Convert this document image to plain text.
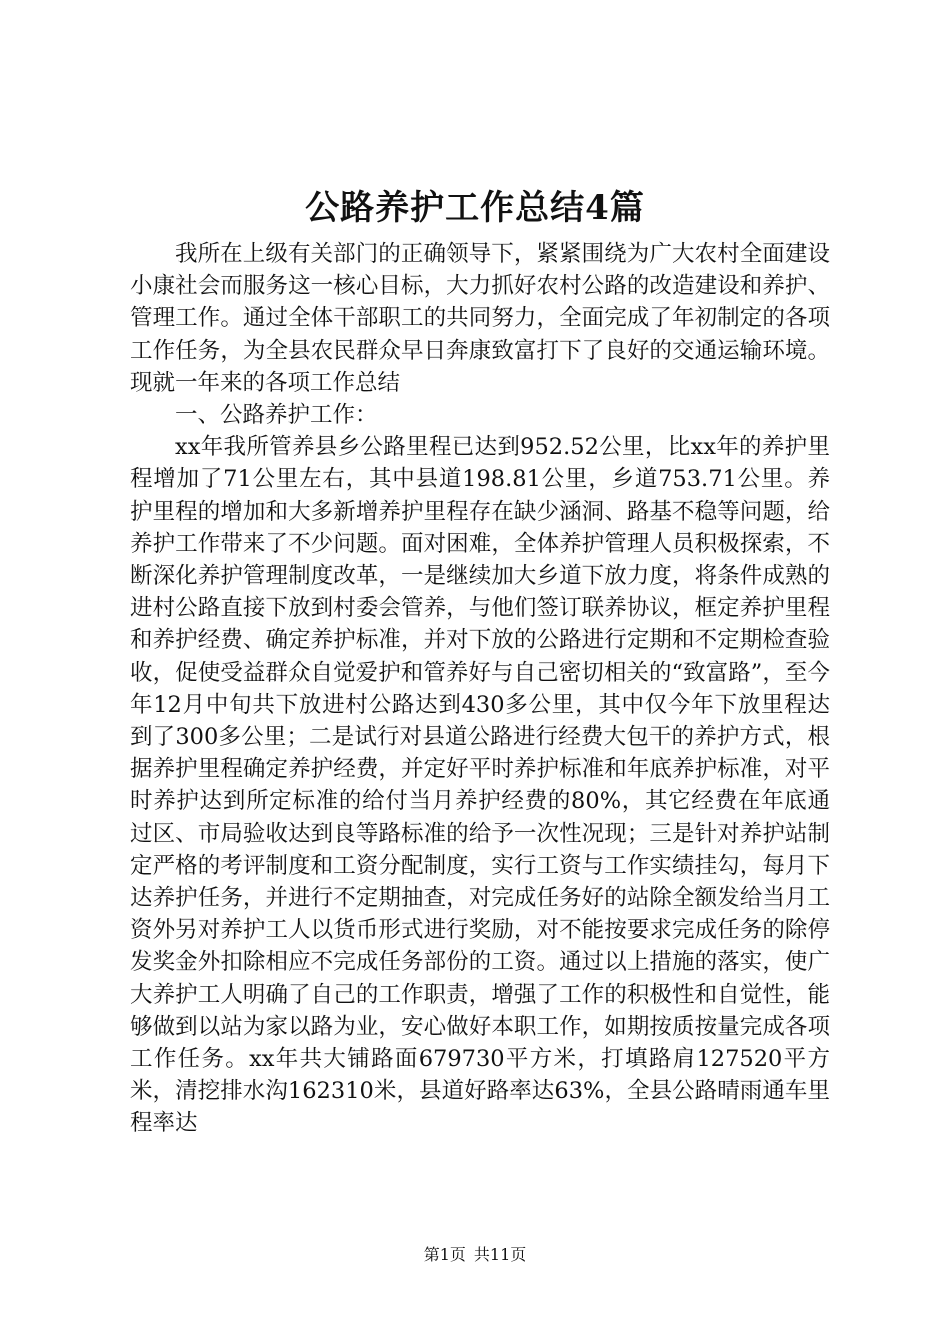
公路养护工作总结4篇

我所在上级有关部门的正确领导下，紧紧围绕为广大农村全面建设小康社会而服务这一核心目标，大力抓好农村公路的改造建设和养护、管理工作。通过全体干部职工的共同努力，全面完成了年初制定的各项工作任务，为全县农民群众早日奔康致富打下了良好的交通运输环境。现就一年来的各项工作总结

一、公路养护工作：

xx年我所管养县乡公路里程已达到952.52公里，比xx年的养护里程增加了71公里左右，其中县道198.81公里，乡道753.71公里。养护里程的增加和大多新增养护里程存在缺少涵洞、路基不稳等问题，给养护工作带来了不少问题。面对困难，全体养护管理人员积极探索，不断深化养护管理制度改革，一是继续加大乡道下放力度，将条件成熟的进村公路直接下放到村委会管养，与他们签订联养协议，框定养护里程和养护经费、确定养护标准，并对下放的公路进行定期和不定期检查验收，促使受益群众自觉爱护和管养好与自己密切相关的“致富路”，至今年12月中旬共下放进村公路达到430多公里，其中仅今年下放里程达到了300多公里；二是试行对县道公路进行经费大包干的养护方式，根据养护里程确定养护经费，并定好平时养护标准和年底养护标准，对平时养护达到所定标准的给付当月养护经费的80%，其它经费在年底通过区、市局验收达到良等路标准的给予一次性况现；三是针对养护站制定严格的考评制度和工资分配制度，实行工资与工作实绩挂勾，每月下达养护任务，并进行不定期抽查，对完成任务好的站除全额发给当月工资外另对养护工人以货币形式进行奖励，对不能按要求完成任务的除停发奖金外扣除相应不完成任务部份的工资。通过以上措施的落实，使广大养护工人明确了自己的工作职责，增强了工作的积极性和自觉性，能够做到以站为家以路为业，安心做好本职工作，如期按质按量完成各项工作任务。xx年共大铺路面679730平方米，打填路肩127520平方米，清挖排水沟162310米，县道好路率达63%，全县公路晴雨通车里程率达

第1页 共11页
